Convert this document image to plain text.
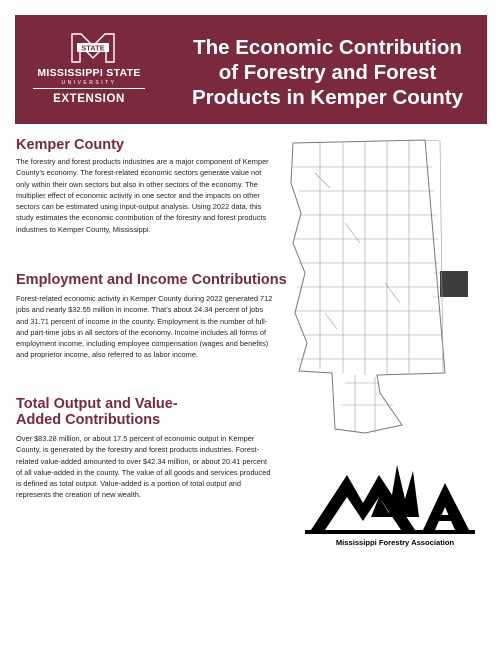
STATE
MISSISSIPPI STATE
UNIVERSITY
EXTENSION
The Economic Contribution
of Forestry and Forest
Products in Kemper County
Kemper County

The forestry and forest products industries are a major component of Kemper County’s economy. The forest-related economic sectors generate value not only within their own sectors but also in other sectors of the economy. The multiplier effect of economic activity in one sector and the impacts on other sectors can be estimated using input-output analysis. Using 2022 data, this study estimates the economic contribution of the forestry and forest products industries to Kemper County, Mississippi.

Employment and Income Contributions

Forest-related economic activity in Kemper County during 2022 generated 712 jobs and nearly $32.55 million in income. That’s about 24.34 percent of jobs and 31.71 percent of income in the county. Employment is the number of full- and part-time jobs in all sectors of the economy. Income includes all forms of employment income, including employee compensation (wages and benefits) and proprietor income, also referred to as labor income.

Total Output and Value-
Added Contributions

Over $83.28 million, or about 17.5 percent of economic output in Kemper County, is generated by the forestry and forest products industries. Forest-related value-added amounted to over $42.34 million, or about 20.41 percent of all value-added in the county. The value of all goods and services produced is defined as total output. Value-added is a portion of total output and represents the creation of new wealth.

Mississippi Forestry Association
